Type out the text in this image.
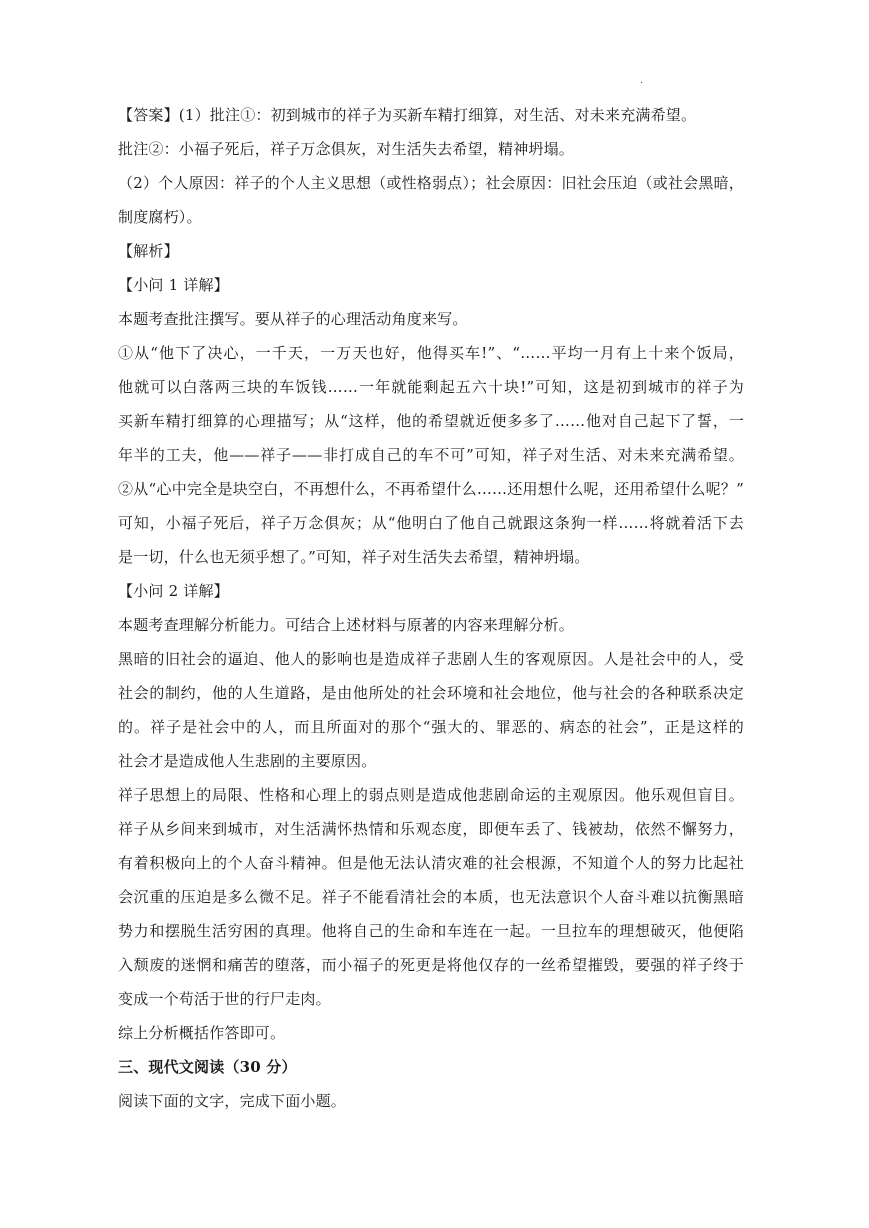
·
【答案】(1）批注①：初到城市的祥子为买新车精打细算，对生活、对未来充满希望。
批注②：小福子死后，祥子万念俱灰，对生活失去希望，精神坍塌。
（2）个人原因：祥子的个人主义思想（或性格弱点）；社会原因：旧社会压迫（或社会黑暗，
制度腐朽）。
【解析】
【小问 1 详解】
本题考查批注撰写。要从祥子的心理活动角度来写。
①从“他下了决心，一千天，一万天也好，他得买车!”、“……平均一月有上十来个饭局，
他就可以白落两三块的车饭钱……一年就能剩起五六十块!”可知，这是初到城市的祥子为
买新车精打细算的心理描写；从“这样，他的希望就近便多多了……他对自己起下了誓，一
年半的工夫，他——祥子——非打成自己的车不可”可知，祥子对生活、对未来充满希望。
②从“心中完全是块空白，不再想什么，不再希望什么……还用想什么呢，还用希望什么呢？”
可知，小福子死后，祥子万念俱灰；从“他明白了他自己就跟这条狗一样……将就着活下去
是一切，什么也无须乎想了。”可知，祥子对生活失去希望，精神坍塌。
【小问 2 详解】
本题考查理解分析能力。可结合上述材料与原著的内容来理解分析。
黑暗的旧社会的逼迫、他人的影响也是造成祥子悲剧人生的客观原因。人是社会中的人，受
社会的制约，他的人生道路，是由他所处的社会环境和社会地位，他与社会的各种联系决定
的。祥子是社会中的人，而且所面对的那个“强大的、罪恶的、病态的社会”，正是这样的
社会才是造成他人生悲剧的主要原因。
祥子思想上的局限、性格和心理上的弱点则是造成他悲剧命运的主观原因。他乐观但盲目。
祥子从乡间来到城市，对生活满怀热情和乐观态度，即便车丢了、钱被劫，依然不懈努力，
有着积极向上的个人奋斗精神。但是他无法认清灾难的社会根源，不知道个人的努力比起社
会沉重的压迫是多么微不足。祥子不能看清社会的本质，也无法意识个人奋斗难以抗衡黑暗
势力和摆脱生活穷困的真理。他将自己的生命和车连在一起。一旦拉车的理想破灭，他便陷
入颓废的迷惘和痛苦的堕落，而小福子的死更是将他仅存的一丝希望摧毁，要强的祥子终于
变成一个苟活于世的行尸走肉。
综上分析概括作答即可。
三、现代文阅读（30 分）
阅读下面的文字，完成下面小题。
